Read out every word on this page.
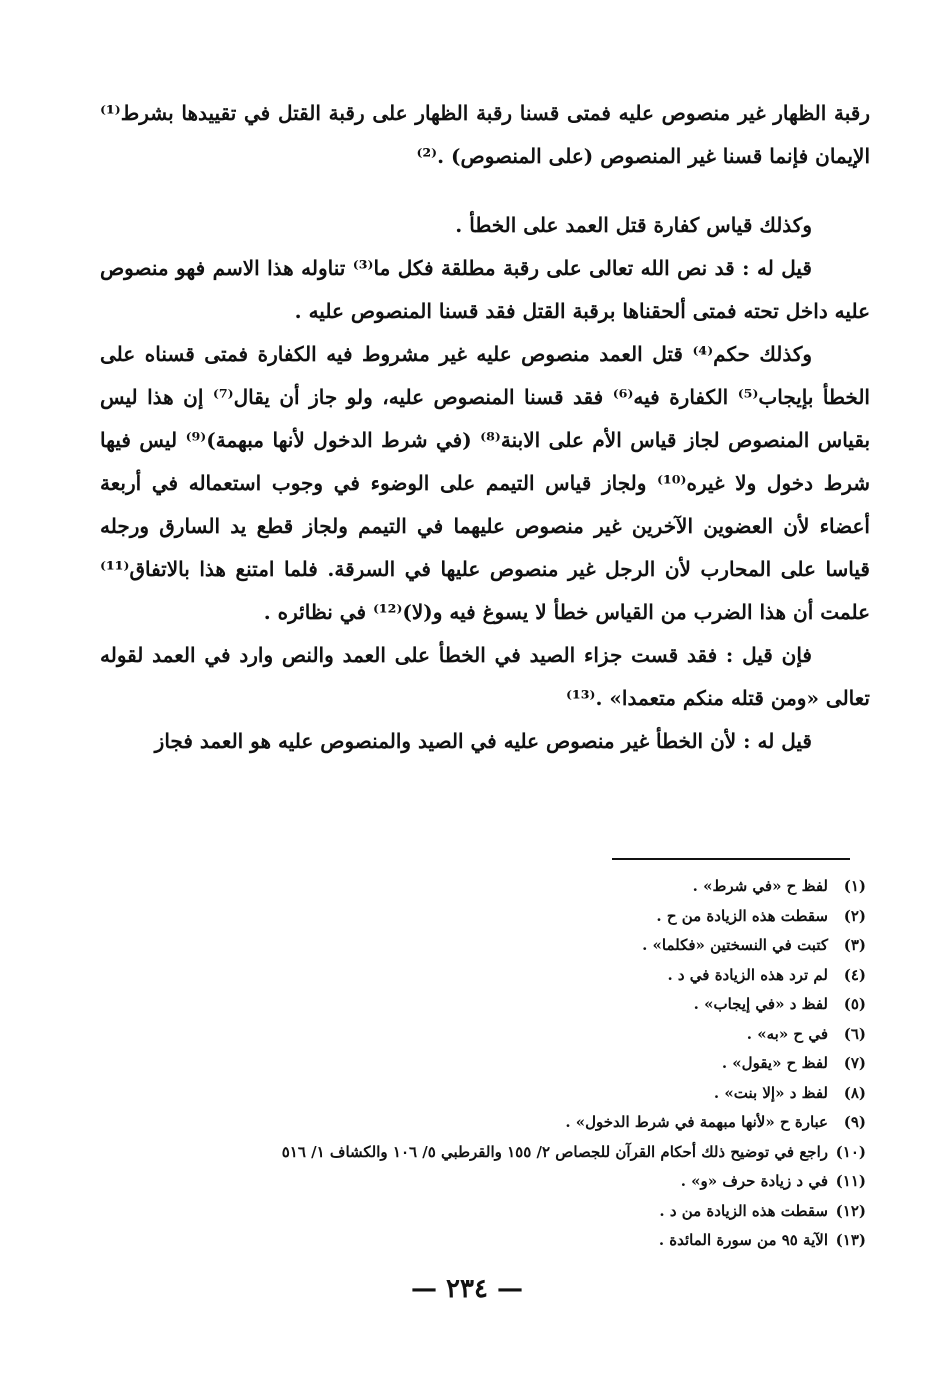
رقبة الظهار غير منصوص عليه فمتى قسنا رقبة الظهار على رقبة القتل في تقييدها بشرط⁽¹⁾ الإيمان فإنما قسنا غير المنصوص (على المنصوص) .⁽²⁾

وكذلك قياس كفارة قتل العمد على الخطأ .

قيل له : قد نص الله تعالى على رقبة مطلقة فكل ما⁽³⁾ تناوله هذا الاسم فهو منصوص عليه داخل تحته فمتى ألحقناها برقبة القتل فقد قسنا المنصوص عليه .

وكذلك حكم⁽⁴⁾ قتل العمد منصوص عليه غير مشروط فيه الكفارة فمتى قسناه على الخطأ بإيجاب⁽⁵⁾ الكفارة فيه⁽⁶⁾ فقد قسنا المنصوص عليه، ولو جاز أن يقال⁽⁷⁾ إن هذا ليس بقياس المنصوص لجاز قياس الأم على الابنة⁽⁸⁾ (في شرط الدخول لأنها مبهمة)⁽⁹⁾ ليس فيها شرط دخول ولا غيره⁽¹⁰⁾ ولجاز قياس التيمم على الوضوء في وجوب استعماله في أربعة أعضاء لأن العضوين الآخرين غير منصوص عليهما في التيمم ولجاز قطع يد السارق ورجله قياسا على المحارب لأن الرجل غير منصوص عليها في السرقة. فلما امتنع هذا بالاتفاق⁽¹¹⁾ علمت أن هذا الضرب من القياس خطأ لا يسوغ فيه و(لا)⁽¹²⁾ في نظائره .

فإن قيل : فقد قست جزاء الصيد في الخطأ على العمد والنص وارد في العمد لقوله تعالى «ومن قتله منكم متعمدا» .⁽¹³⁾

قيل له : لأن الخطأ غير منصوص عليه في الصيد والمنصوص عليه هو العمد فجاز

(١)
لفظ ح «في شرط» .
(٢)
سقطت هذه الزيادة من ح .
(٣)
كتبت في النسختين «فكلما» .
(٤)
لم ترد هذه الزيادة في د .
(٥)
لفظ د «في إيجاب» .
(٦)
في ح «به» .
(٧)
لفظ ح «يقول» .
(٨)
لفظ د «إلا بنت» .
(٩)
عبارة ح «لأنها مبهمة في شرط الدخول» .
(١٠)
راجع في توضيح ذلك أحكام القرآن للجصاص ٢/ ١٥٥ والقرطبي ٥/ ١٠٦ والكشاف ١/ ٥١٦
(١١)
في د زيادة حرف «و» .
(١٢)
سقطت هذه الزيادة من د .
(١٣)
الآية ٩٥ من سورة المائدة .
— ٢٣٤ —
